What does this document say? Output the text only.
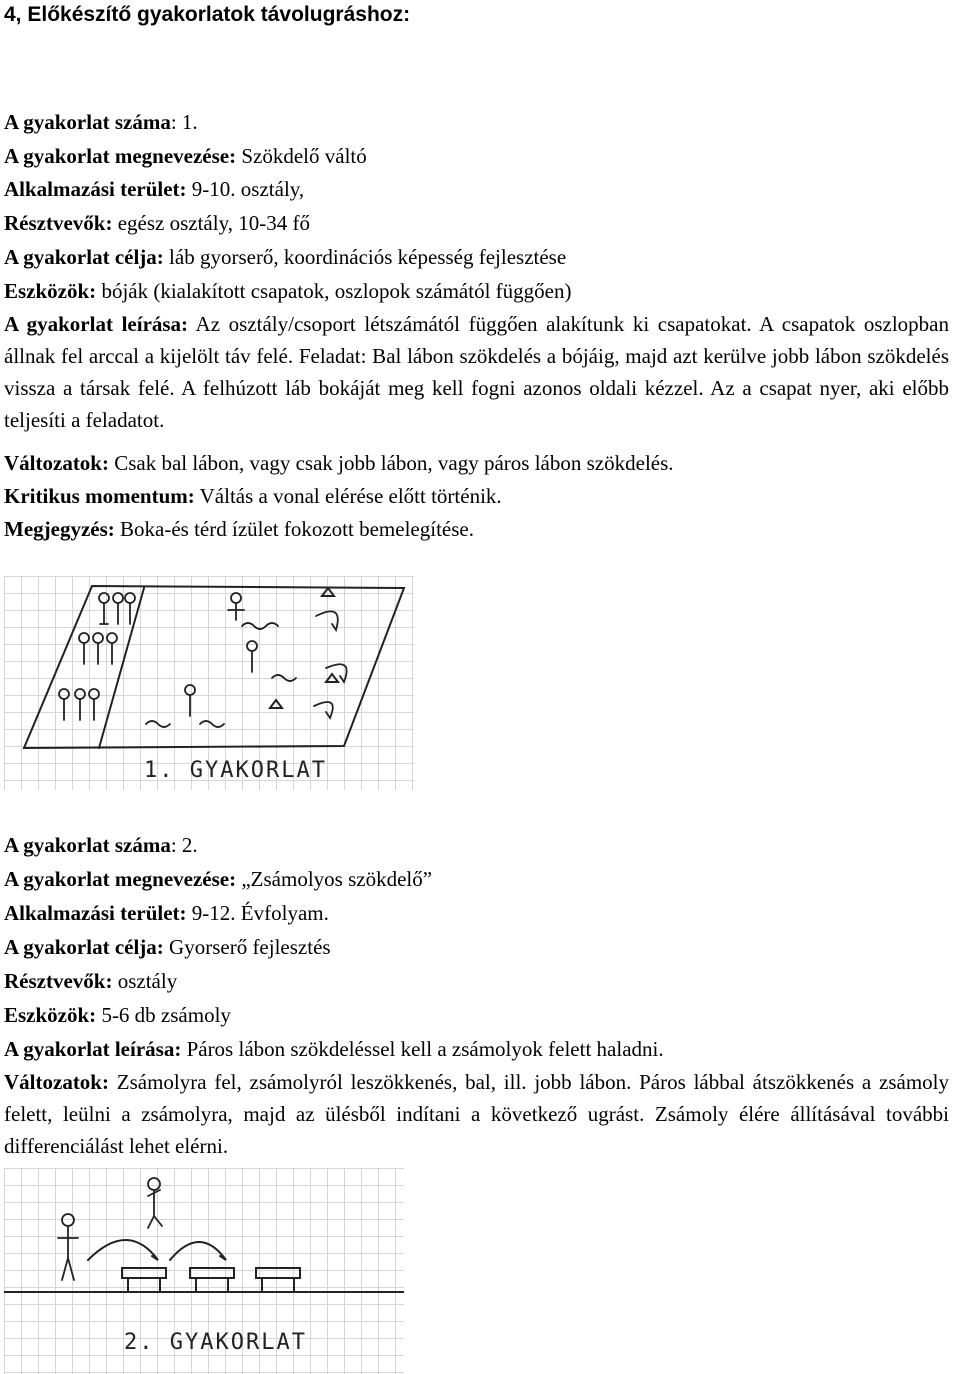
4, Előkészítő gyakorlatok távolugráshoz:
A gyakorlat száma: 1.
A gyakorlat megnevezése: Szökdelő váltó
Alkalmazási terület: 9-10. osztály,
Résztvevők: egész osztály, 10-34 fő
A gyakorlat célja: láb gyorserő, koordinációs képesség fejlesztése
Eszközök: bóják (kialakított csapatok, oszlopok számától függően)
A gyakorlat leírása: Az osztály/csoport létszámától függően alakítunk ki csapatokat. A csapatok oszlopban állnak fel arccal a kijelölt táv felé. Feladat: Bal lábon szökdelés a bójáig, majd azt kerülve jobb lábon szökdelés vissza a társak felé. A felhúzott láb bokáját meg kell fogni azonos oldali kézzel. Az a csapat nyer, aki előbb teljesíti a feladatot.
Változatok: Csak bal lábon, vagy csak jobb lábon, vagy páros lábon szökdelés.
Kritikus momentum: Váltás a vonal elérése előtt történik.
Megjegyzés: Boka-és térd ízület fokozott bemelegítése.
1. GYAKORLAT
A gyakorlat száma: 2.
A gyakorlat megnevezése: „Zsámolyos szökdelő”
Alkalmazási terület: 9-12. Évfolyam.
A gyakorlat célja: Gyorserő fejlesztés
Résztvevők: osztály
Eszközök: 5-6 db zsámoly
A gyakorlat leírása: Páros lábon szökdeléssel kell a zsámolyok felett haladni.
Változatok: Zsámolyra fel, zsámolyról leszökkenés, bal, ill. jobb lábon. Páros lábbal átszökkenés a zsámoly felett, leülni a zsámolyra, majd az ülésből indítani a következő ugrást. Zsámoly élére állításával további differenciálást lehet elérni.
2. GYAKORLAT
